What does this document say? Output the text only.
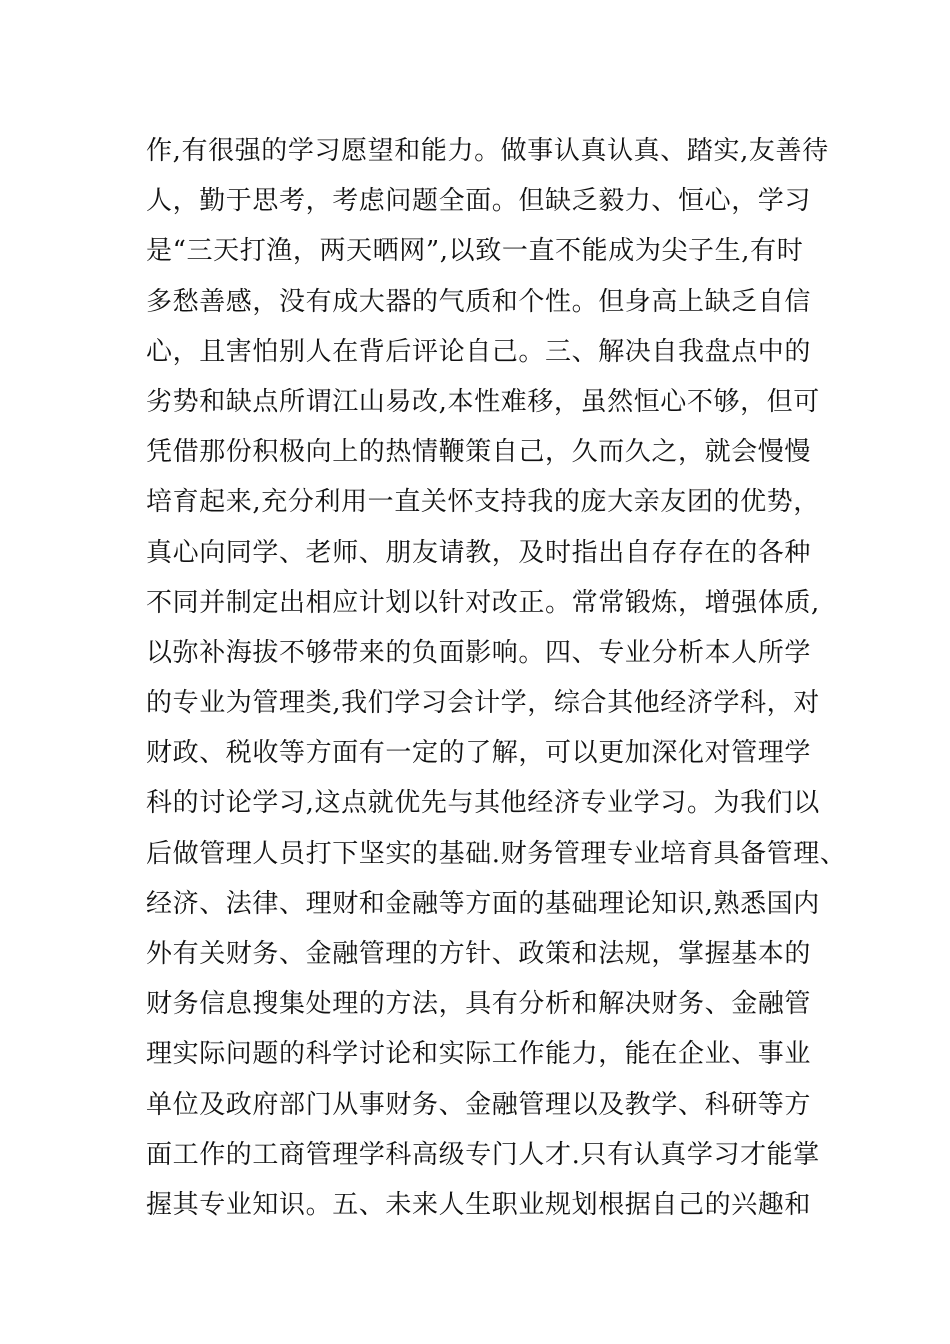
作,有很强的学习愿望和能力。做事认真认真、踏实,友善待
人，勤于思考，考虑问题全面。但缺乏毅力、恒心，学习
是“三天打渔，两天晒网”,以致一直不能成为尖子生,有时
多愁善感，没有成大器的气质和个性。但身高上缺乏自信
心，且害怕别人在背后评论自己。三、解决自我盘点中的
劣势和缺点所谓江山易改,本性难移，虽然恒心不够，但可
凭借那份积极向上的热情鞭策自己，久而久之，就会慢慢
培育起来,充分利用一直关怀支持我的庞大亲友团的优势，
真心向同学、老师、朋友请教，及时指出自存存在的各种
不同并制定出相应计划以针对改正。常常锻炼，增强体质,
以弥补海拔不够带来的负面影响。四、专业分析本人所学
的专业为管理类,我们学习会计学，综合其他经济学科，对
财政、税收等方面有一定的了解，可以更加深化对管理学
科的讨论学习,这点就优先与其他经济专业学习。为我们以
后做管理人员打下坚实的基础.财务管理专业培育具备管理、
经济、法律、理财和金融等方面的基础理论知识,熟悉国内
外有关财务、金融管理的方针、政策和法规，掌握基本的
财务信息搜集处理的方法，具有分析和解决财务、金融管
理实际问题的科学讨论和实际工作能力，能在企业、事业
单位及政府部门从事财务、金融管理以及教学、科研等方
面工作的工商管理学科高级专门人才.只有认真学习才能掌
握其专业知识。五、未来人生职业规划根据自己的兴趣和
